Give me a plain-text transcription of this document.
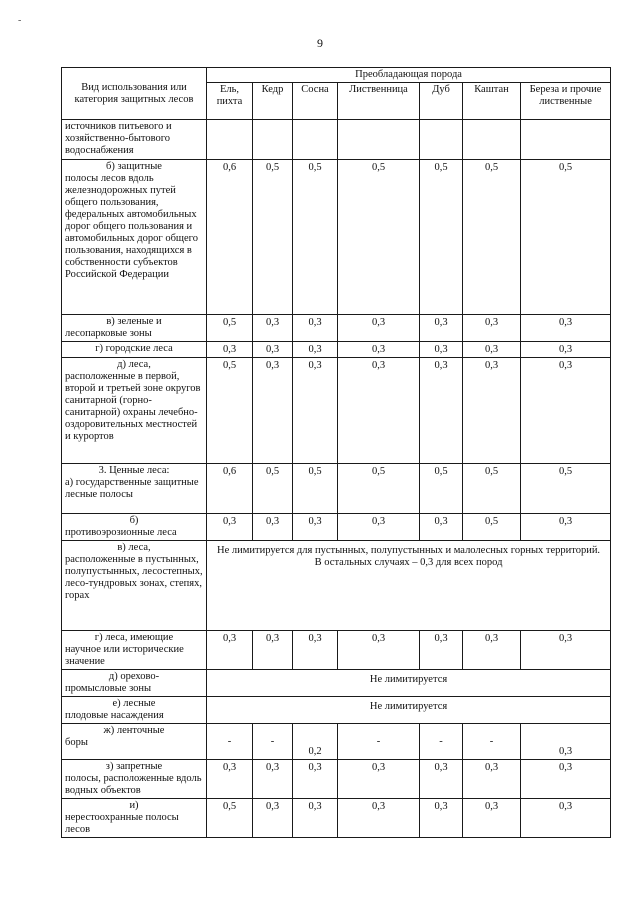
-
9
Вид использования или категория защитных лесов	Преобладающая порода						
	Ель, пихта	Кедр	Сосна	Лиственница	Дуб	Каштан	Береза и прочие лиственные
источников питьевого и хозяйственно-бытового водоснабжения							

б) защитные
полосы лесов вдоль железнодорожных путей общего пользования, федеральных автомобильных дорог общего пользования и автомобильных дорог общего пользования, находящихся в собственности субъектов Российской Федерации	0,6	0,5	0,5	0,5	0,5	0,5	0,5

в) зеленые и
лесопарковые зоны	0,5	0,3	0,3	0,3	0,3	0,3	0,3

г) городские леса	0,3	0,3	0,3	0,3	0,3	0,3	0,3

д) леса,
расположенные в первой, второй и третьей зоне округов санитарной (горно-санитарной) охраны лечебно-оздоровительных местностей и курортов	0,5	0,3	0,3	0,3	0,3	0,3	0,3

3. Ценные леса:
а) государственные защитные лесные полосы	0,6	0,5	0,5	0,5	0,5	0,5	0,5

б)
противоэрозионные леса	0,3	0,3	0,3	0,3	0,3	0,5	0,3

в) леса,
расположенные в пустынных, полупустынных, лесостепных, лесо-тундровых зонах, степях, горах	Не лимитируется для пустынных, полупустынных и малолесных горных территорий. В остальных случаях – 0,3 для всех пород						

г) леса, имеющие
научное или исторические значение	0,3	0,3	0,3	0,3	0,3	0,3	0,3

д) орехово-
промысловые зоны	Не лимитируется						

е) лесные
плодовые насаждения	Не лимитируется						

ж) ленточные
боры	-	-	0,2	-	-	-	0,3

з) запретные
полосы, расположенные вдоль водных объектов	0,3	0,3	0,3	0,3	0,3	0,3	0,3

и)
нерестоохранные полосы лесов	0,5	0,3	0,3	0,3	0,3	0,3	0,3
